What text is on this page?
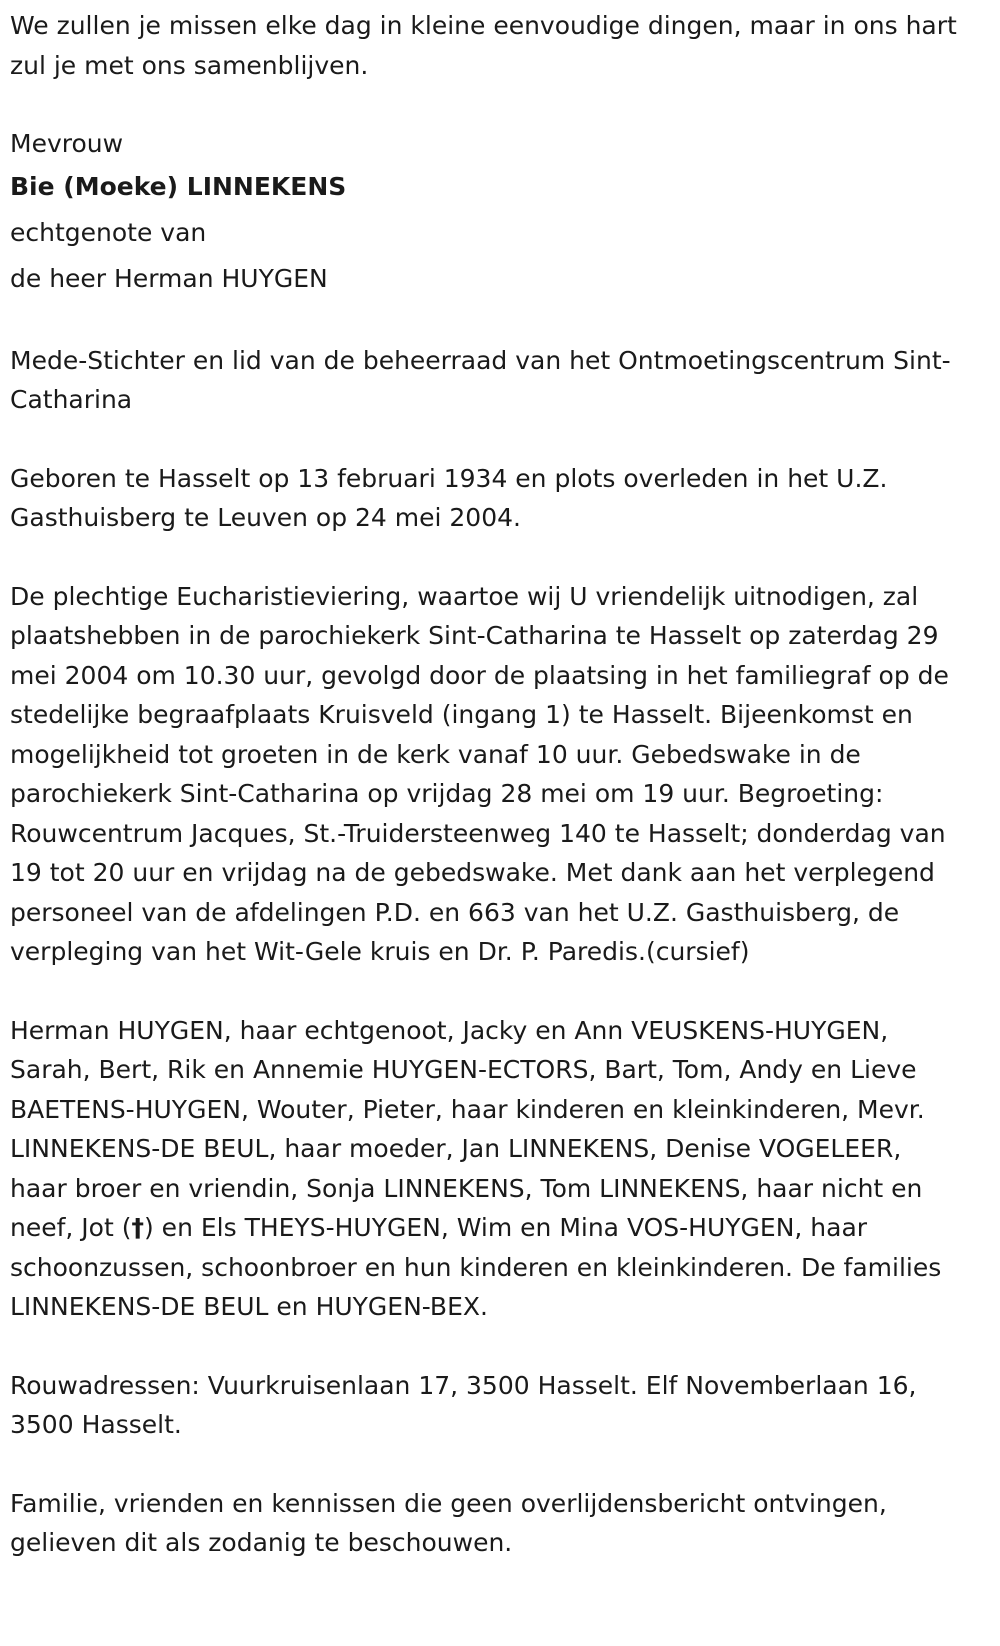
We zullen je missen elke dag in kleine eenvoudige dingen, maar in ons hart zul je met ons samenblijven.

Mevrouw

Bie (Moeke) LINNEKENS

echtgenote van

de heer Herman HUYGEN

Mede-Stichter en lid van de beheerraad van het Ontmoetingscentrum Sint-Catharina

Geboren te Hasselt op 13 februari 1934 en plots overleden in het U.Z. Gasthuisberg te Leuven op 24 mei 2004.

De plechtige Eucharistieviering, waartoe wij U vriendelijk uitnodigen, zal plaatshebben in de parochiekerk Sint-Catharina te Hasselt op zaterdag 29 mei 2004 om 10.30 uur, gevolgd door de plaatsing in het familiegraf op de stedelijke begraafplaats Kruisveld (ingang 1) te Hasselt. Bijeenkomst en mogelijkheid tot groeten in de kerk vanaf 10 uur. Gebedswake in de parochiekerk Sint-Catharina op vrijdag 28 mei om 19 uur. Begroeting: Rouwcentrum Jacques, St.-Truidersteenweg 140 te Hasselt; donderdag van 19 tot 20 uur en vrijdag na de gebedswake. Met dank aan het verplegend personeel van de afdelingen P.D. en 663 van het U.Z. Gasthuisberg, de verpleging van het Wit-Gele kruis en Dr. P. Paredis.(cursief)

Herman HUYGEN, haar echtgenoot, Jacky en Ann VEUSKENS-HUYGEN, Sarah, Bert, Rik en Annemie HUYGEN-ECTORS, Bart, Tom, Andy en Lieve BAETENS-HUYGEN, Wouter, Pieter, haar kinderen en kleinkinderen, Mevr. LINNEKENS-DE BEUL, haar moeder, Jan LINNEKENS, Denise VOGELEER, haar broer en vriendin, Sonja LINNEKENS, Tom LINNEKENS, haar nicht en neef, Jot (†) en Els THEYS-HUYGEN, Wim en Mina VOS-HUYGEN, haar schoonzussen, schoonbroer en hun kinderen en kleinkinderen. De families LINNEKENS-DE BEUL en HUYGEN-BEX.

Rouwadressen: Vuurkruisenlaan 17, 3500 Hasselt. Elf Novemberlaan 16, 3500 Hasselt.

Familie, vrienden en kennissen die geen overlijdensbericht ontvingen, gelieven dit als zodanig te beschouwen.
